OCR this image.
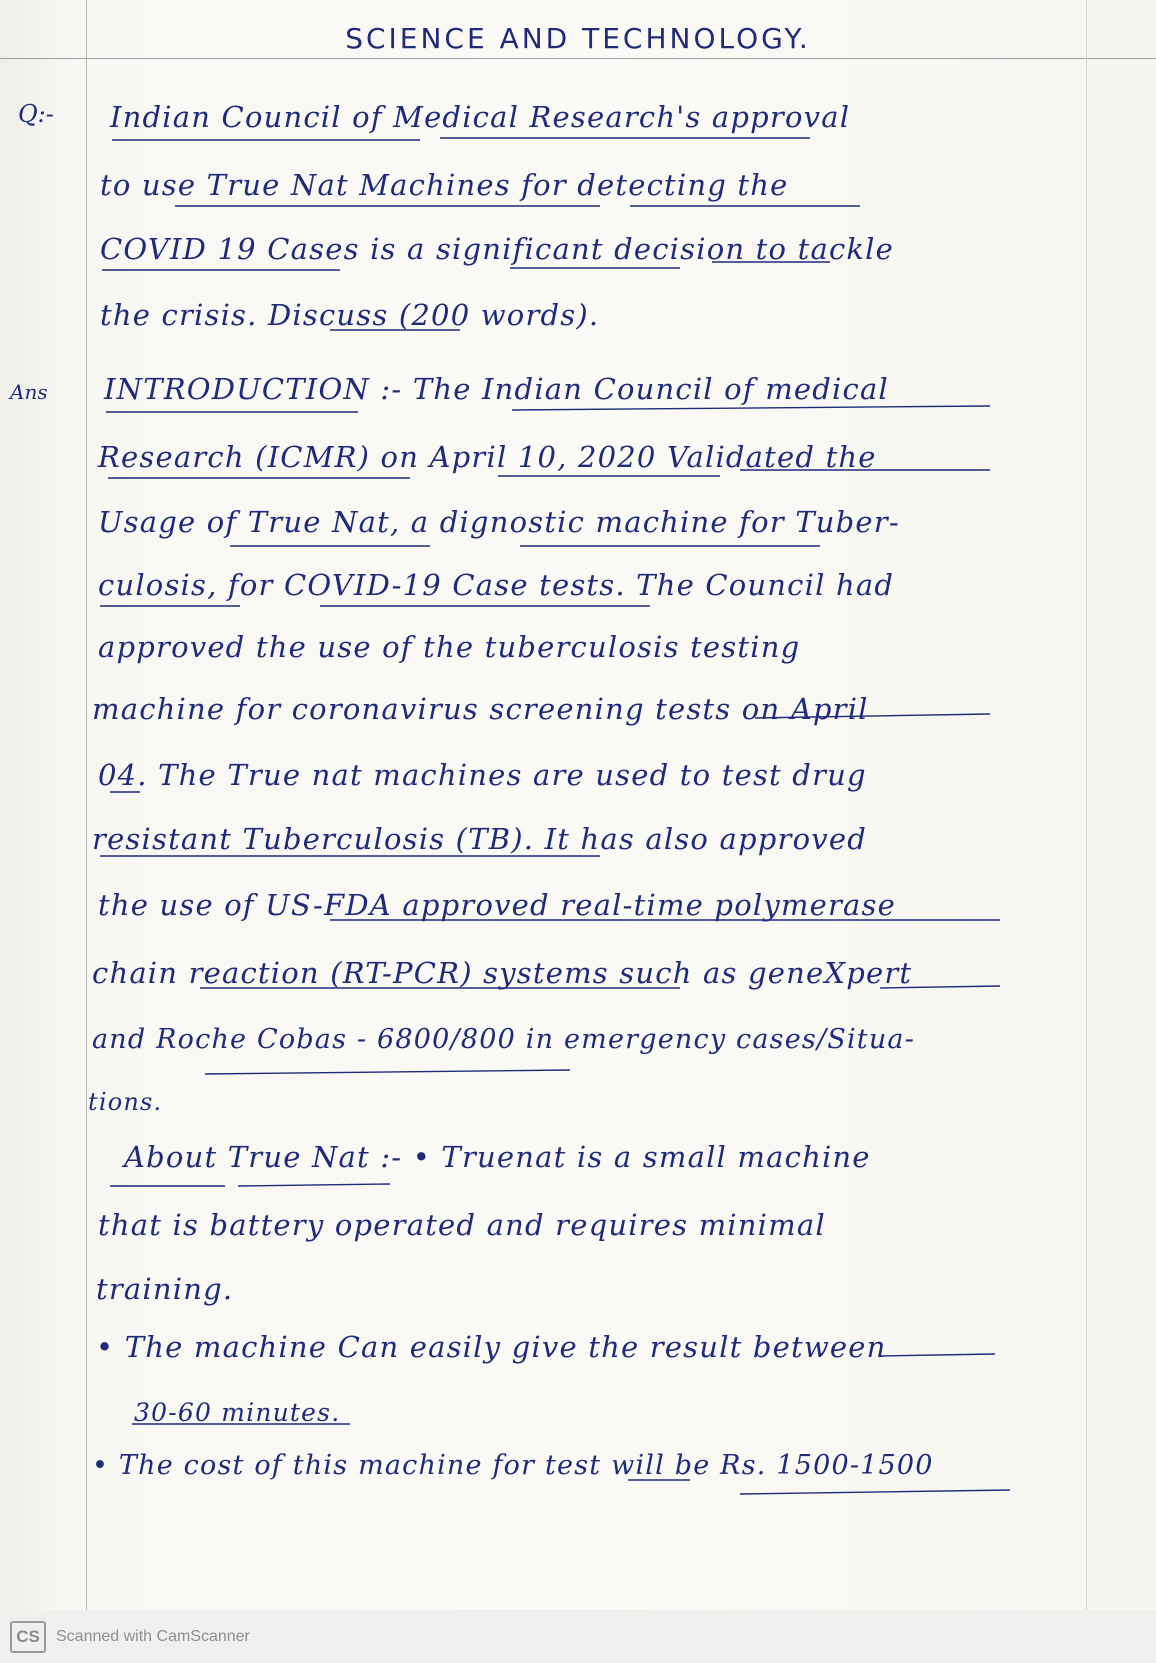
SCIENCE AND TECHNOLOGY.
Q:-
Ans
Indian Council of Medical Research's approval
to use True Nat Machines for detecting the
COVID 19 Cases is a significant decision to tackle
the crisis. Discuss (200 words).
INTRODUCTION :- The Indian Council of medical
Research (ICMR) on April 10, 2020 Validated the
Usage of True Nat, a dignostic machine for Tuber-
culosis, for COVID-19 Case tests. The Council had
approved the use of the tuberculosis testing
machine for coronavirus screening tests on April
04. The True nat machines are used to test drug
resistant Tuberculosis (TB). It has also approved
the use of US-FDA approved real-time polymerase
chain reaction (RT-PCR) systems such as geneXpert
and Roche Cobas - 6800/800 in emergency cases/Situa-
tions.
About True Nat :- • Truenat is a small machine
that is battery operated and requires minimal
training.
• The machine Can easily give the result between
30-60 minutes.
• The cost of this machine for test will be Rs. 1500-1500
CS	Scanned with CamScanner
